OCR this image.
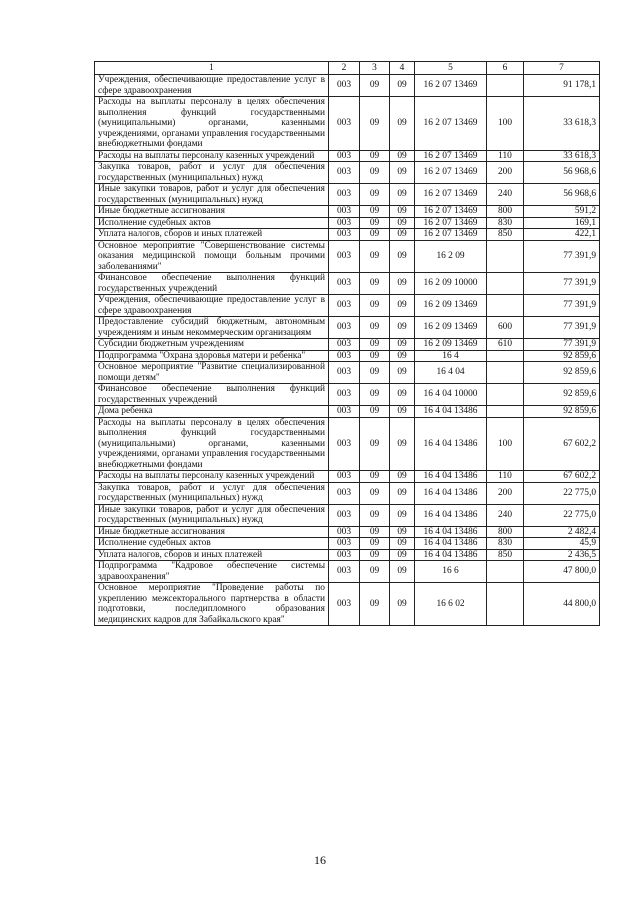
1	2	3	4	5	6	7
Учреждения, обеспечивающие предоставление услуг в сфере здравоохранения	003	09	09	16 2 07 13469		91 178,1
Расходы на выплаты персоналу в целях обеспечения выполнения функций государственными (муниципальными) органами, казенными учреждениями, органами управления государственными внебюджетными фондами	003	09	09	16 2 07 13469	100	33 618,3
Расходы на выплаты персоналу казенных учреждений	003	09	09	16 2 07 13469	110	33 618,3
Закупка товаров, работ и услуг для обеспечения государственных (муниципальных) нужд	003	09	09	16 2 07 13469	200	56 968,6
Иные закупки товаров, работ и услуг для обеспечения государственных (муниципальных) нужд	003	09	09	16 2 07 13469	240	56 968,6
Иные бюджетные ассигнования	003	09	09	16 2 07 13469	800	591,2
Исполнение судебных актов	003	09	09	16 2 07 13469	830	169,1
Уплата налогов, сборов и иных платежей	003	09	09	16 2 07 13469	850	422,1
Основное мероприятие "Совершенствование системы оказания медицинской помощи больным прочими заболеваниями"	003	09	09	16 2 09		77 391,9
Финансовое обеспечение выполнения функций государственных учреждений	003	09	09	16 2 09 10000		77 391,9
Учреждения, обеспечивающие предоставление услуг в сфере здравоохранения	003	09	09	16 2 09 13469		77 391,9
Предоставление субсидий бюджетным, автономным учреждениям и иным некоммерческим организациям	003	09	09	16 2 09 13469	600	77 391,9
Субсидии бюджетным учреждениям	003	09	09	16 2 09 13469	610	77 391,9
Подпрограмма "Охрана здоровья матери и ребенка"	003	09	09	16 4		92 859,6
Основное мероприятие "Развитие специализированной помощи детям"	003	09	09	16 4 04		92 859,6
Финансовое обеспечение выполнения функций государственных учреждений	003	09	09	16 4 04 10000		92 859,6
Дома ребенка	003	09	09	16 4 04 13486		92 859,6
Расходы на выплаты персоналу в целях обеспечения выполнения функций государственными (муниципальными) органами, казенными учреждениями, органами управления государственными внебюджетными фондами	003	09	09	16 4 04 13486	100	67 602,2
Расходы на выплаты персоналу казенных учреждений	003	09	09	16 4 04 13486	110	67 602,2
Закупка товаров, работ и услуг для обеспечения государственных (муниципальных) нужд	003	09	09	16 4 04 13486	200	22 775,0
Иные закупки товаров, работ и услуг для обеспечения государственных (муниципальных) нужд	003	09	09	16 4 04 13486	240	22 775,0
Иные бюджетные ассигнования	003	09	09	16 4 04 13486	800	2 482,4
Исполнение судебных актов	003	09	09	16 4 04 13486	830	45,9
Уплата налогов, сборов и иных платежей	003	09	09	16 4 04 13486	850	2 436,5
Подпрограмма "Кадровое обеспечение системы здравоохранения"	003	09	09	16 6		47 800,0
Основное мероприятие "Проведение работы по укреплению межсекторального партнерства в области подготовки, последипломного образования медицинских кадров для Забайкальского края"	003	09	09	16 6 02		44 800,0
16
